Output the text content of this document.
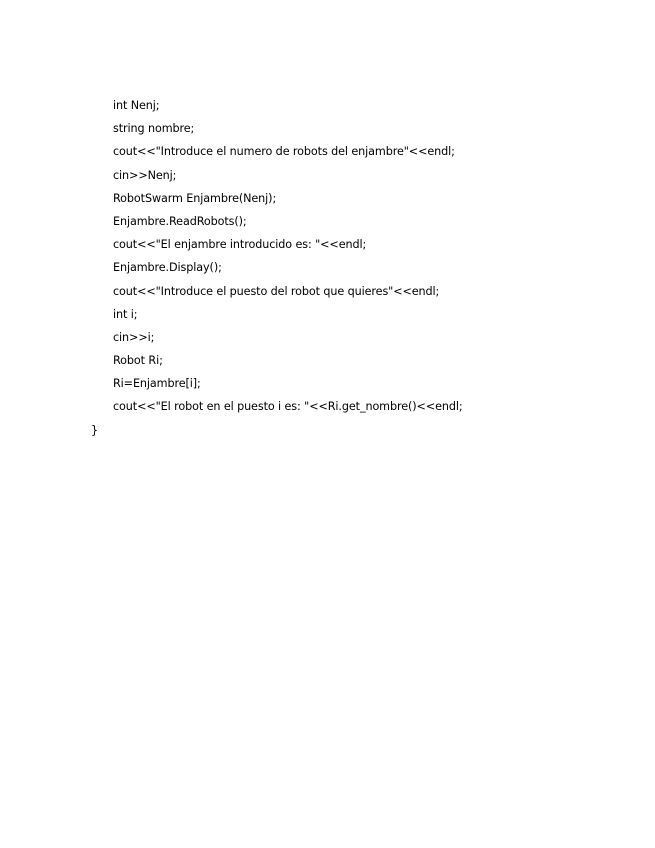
int Nenj;
string nombre;
cout<<"Introduce el numero de robots del enjambre"<<endl;
cin>>Nenj;
RobotSwarm Enjambre(Nenj);
Enjambre.ReadRobots();
cout<<"El enjambre introducido es: "<<endl;
Enjambre.Display();
cout<<"Introduce el puesto del robot que quieres"<<endl;
int i;
cin>>i;
Robot Ri;
Ri=Enjambre[i];
cout<<"El robot en el puesto i es: "<<Ri.get_nombre()<<endl;
}
